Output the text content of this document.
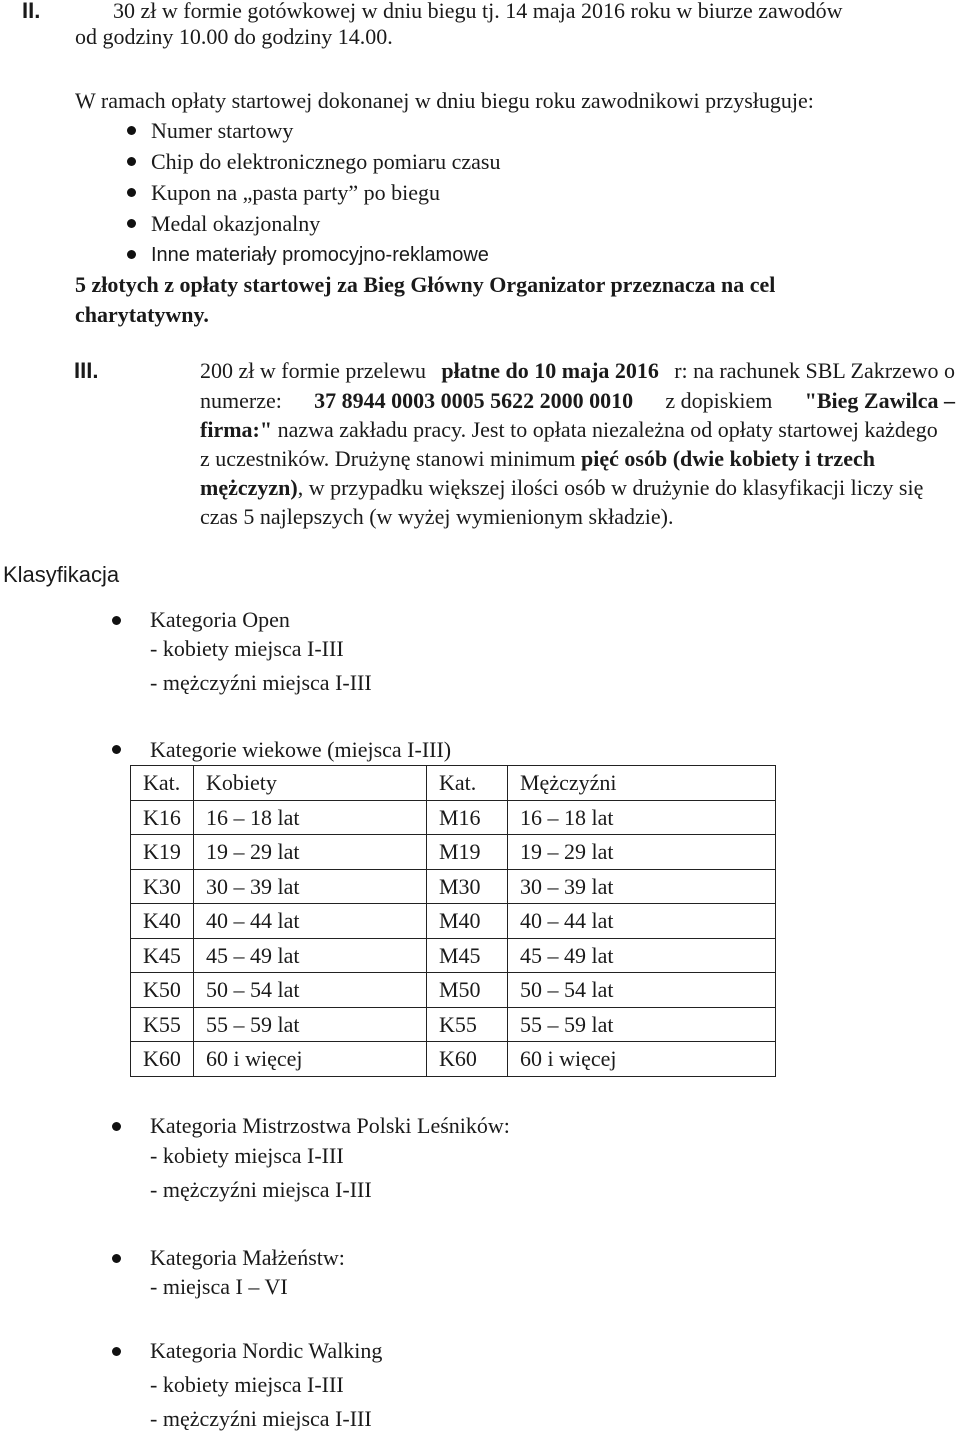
II.	30 zł w formie gotówkowej w dniu biegu tj. 14 maja 2016 roku w biurze zawodów
od godziny 10.00 do godziny 14.00.
W ramach opłaty startowej dokonanej w dniu biegu roku zawodnikowi przysługuje:
Numer startowy
Chip do elektronicznego pomiaru czasu
Kupon na „pasta party” po biegu
Medal okazjonalny
Inne materiały promocyjno-reklamowe
5 złotych z opłaty startowej za Bieg Główny Organizator przeznacza na cel
charytatywny.
III.	200 zł w formie przelewu płatne do 10 maja 2016 r: na rachunek SBL Zakrzewo o
numerze: 37 8944 0003 0005 5622 2000 0010 z dopiskiem "Bieg Zawilca –
firma:" nazwa zakładu pracy. Jest to opłata niezależna od opłaty startowej każdego
z uczestników. Drużynę stanowi minimum pięć osób (dwie kobiety i trzech
mężczyzn), w przypadku większej ilości osób w drużynie do klasyfikacji liczy się
czas 5 najlepszych (w wyżej wymienionym składzie).
Klasyfikacja
Kategoria Open
- kobiety miejsca I-III
- mężczyźni miejsca I-III
Kategorie wiekowe (miejsca I-III)
Kat.	Kobiety	Kat.	Mężczyźni
K16	16 – 18 lat	M16	16 – 18 lat
K19	19 – 29 lat	M19	19 – 29 lat
K30	30 – 39 lat	M30	30 – 39 lat
K40	40 – 44 lat	M40	40 – 44 lat
K45	45 – 49 lat	M45	45 – 49 lat
K50	50 – 54 lat	M50	50 – 54 lat
K55	55 – 59 lat	K55	55 – 59 lat
K60	60 i więcej	K60	60 i więcej
Kategoria Mistrzostwa Polski Leśników:
- kobiety miejsca I-III
- mężczyźni miejsca I-III
Kategoria Małżeństw:
- miejsca I – VI
Kategoria Nordic Walking
- kobiety miejsca I-III
- mężczyźni miejsca I-III
